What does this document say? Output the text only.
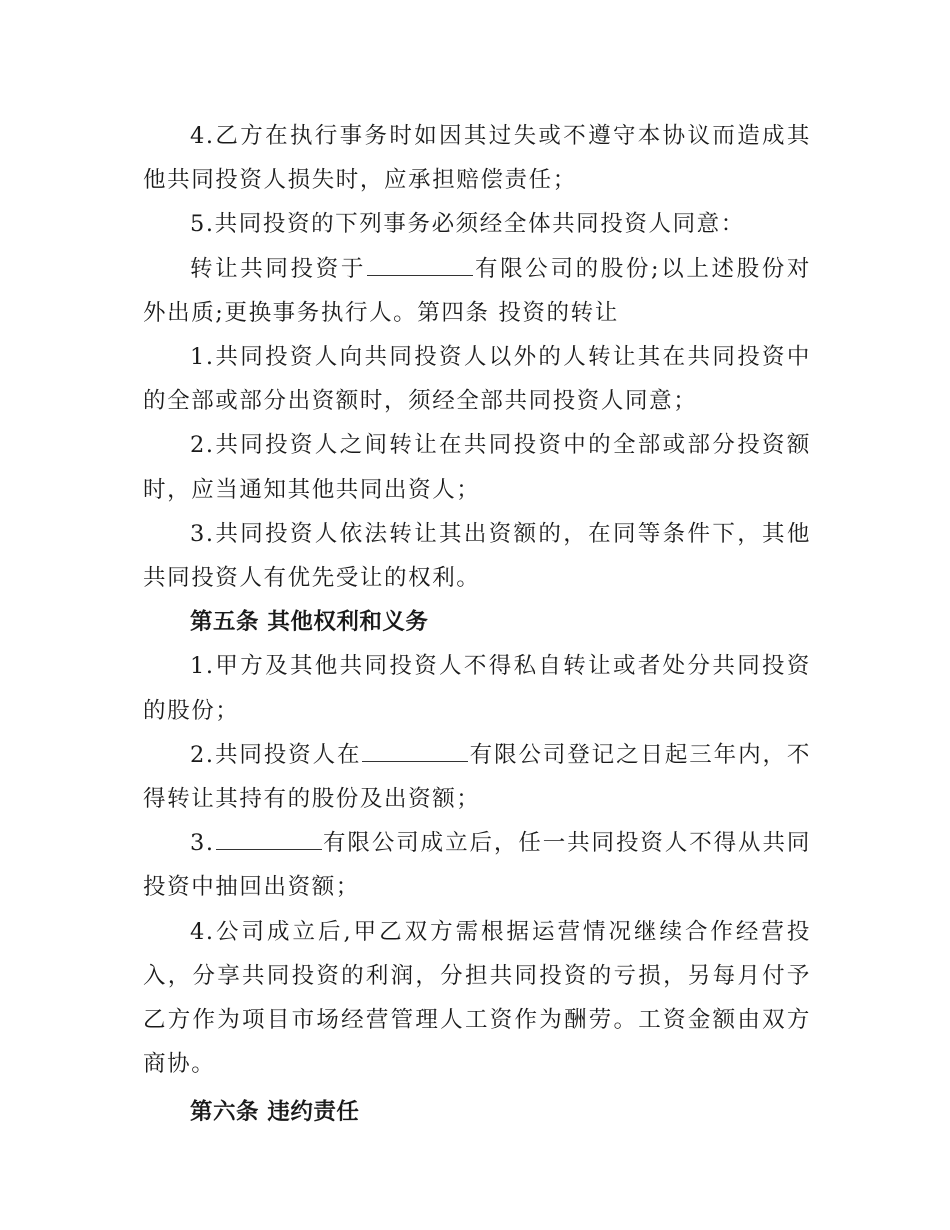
4.乙方在执行事务时如因其过失或不遵守本协议而造成其他共同投资人损失时，应承担赔偿责任；

5.共同投资的下列事务必须经全体共同投资人同意：

转让共同投资于	有限公司的股份;以上述股份对外出质;更换事务执行人。第四条 投资的转让

1.共同投资人向共同投资人以外的人转让其在共同投资中的全部或部分出资额时，须经全部共同投资人同意；

2.共同投资人之间转让在共同投资中的全部或部分投资额时，应当通知其他共同出资人；

3.共同投资人依法转让其出资额的，在同等条件下，其他共同投资人有优先受让的权利。

第五条 其他权利和义务

1.甲方及其他共同投资人不得私自转让或者处分共同投资的股份；

2.共同投资人在	有限公司登记之日起三年内，不得转让其持有的股份及出资额；

3.	有限公司成立后，任一共同投资人不得从共同投资中抽回出资额；

4.公司成立后,甲乙双方需根据运营情况继续合作经营投入，分享共同投资的利润，分担共同投资的亏损，另每月付予乙方作为项目市场经营管理人工资作为酬劳。工资金额由双方商协。

第六条 违约责任
